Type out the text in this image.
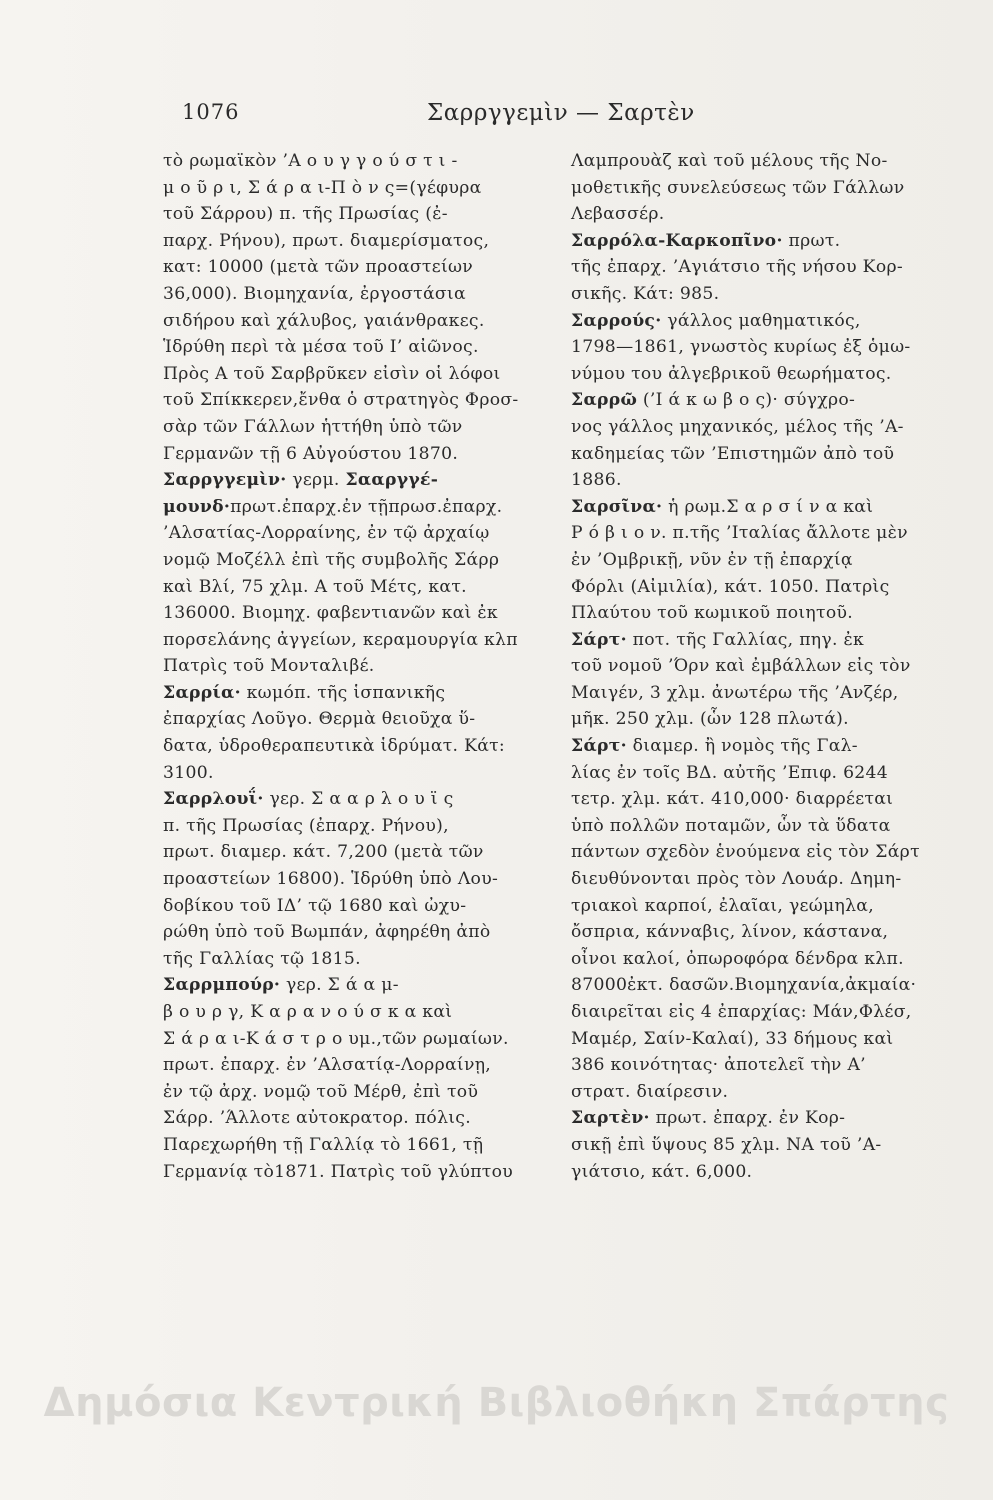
1076	Σαρργγεμὶν — Σαρτὲν
τὸ ρωμαϊκὸν ’Α ο υ γ γ ο ύ σ τ ι -
μ ο ῦ ρ ι, Σ ά ρ α ι-Π ὸ ν ς=(γέφυρα
τοῦ Σάρρου) π. τῆς Πρωσίας (ἐ-
παρχ. Ρήνου), πρωτ. διαμερίσματος,
κατ: 10000 (μετὰ τῶν προαστείων
36,000). Βιομηχανία, ἐργοστάσια
σιδήρου καὶ χάλυβος, γαιάνθρακες.
Ἱδρύθη περὶ τὰ μέσα τοῦ Ι’ αἰῶνος.
Πρὸς Α τοῦ Σαρβρῦκεν εἰσὶν οἱ λόφοι
τοῦ Σπίκκερεν,ἔνθα ὁ στρατηγὸς Φροσ-
σὰρ τῶν Γάλλων ἡττήθη ὑπὸ τῶν
Γερμανῶν τῇ 6 Αὐγούστου 1870.
Σαρργγεμὶν· γερμ. Σααργγέ-
μουνδ·πρωτ.ἐπαρχ.ἐν τῇπρωσ.ἐπαρχ.
’Αλσατίας-Λορραίνης, ἐν τῷ ἀρχαίῳ
νομῷ Μοζέλλ ἐπὶ τῆς συμβολῆς Σάρρ
καὶ Βλί, 75 χλμ. Α τοῦ Μέτς, κατ.
136000. Βιομηχ. φαβεντιανῶν καὶ ἐκ
πορσελάνης ἀγγείων, κεραμουργία κλπ
Πατρὶς τοῦ Μονταλιβέ.
Σαρρία· κωμόπ. τῆς ἱσπανικῆς
ἐπαρχίας Λοῦγο. Θερμὰ θειοῦχα ὕ-
δατα, ὑδροθεραπευτικὰ ἱδρύματ. Κάτ:
3100.
Σαρρλουΐ· γερ. Σ α α ρ λ ο υ ϊ ς
π. τῆς Πρωσίας (ἐπαρχ. Ρήνου),
πρωτ. διαμερ. κάτ. 7,200 (μετὰ τῶν
προαστείων 16800). Ἱδρύθη ὑπὸ Λου-
δοβίκου τοῦ ΙΔ’ τῷ 1680 καὶ ὠχυ-
ρώθη ὑπὸ τοῦ Βωμπάν, ἀφηρέθη ἀπὸ
τῆς Γαλλίας τῷ 1815.
Σαρρμπούρ· γερ. Σ ά α μ-
β ο υ ρ γ, Κ α ρ α ν ο ύ σ κ α καὶ
Σ ά ρ α ι-Κ ά σ τ ρ ο υμ.,τῶν ρωμαίων.
πρωτ. ἐπαρχ. ἐν ’Αλσατίᾳ-Λορραίνῃ,
ἐν τῷ ἀρχ. νομῷ τοῦ Μέρθ, ἐπὶ τοῦ
Σάρρ. ’Άλλοτε αὐτοκρατορ. πόλις.
Παρεχωρήθη τῇ Γαλλίᾳ τὸ 1661, τῇ
Γερμανίᾳ τὸ1871. Πατρὶς τοῦ γλύπτου
Λαμπρουὰζ καὶ τοῦ μέλους τῆς Νο-
μοθετικῆς συνελεύσεως τῶν Γάλλων
Λεβασσέρ.
Σαρρόλα-Καρκοπῖνο· πρωτ.
τῆς ἐπαρχ. ’Αγιάτσιο τῆς νήσου Κορ-
σικῆς. Κάτ: 985.
Σαρρούς· γάλλος μαθηματικός,
1798—1861, γνωστὸς κυρίως ἐξ ὁμω-
νύμου του ἀλγεβρικοῦ θεωρήματος.
Σαρρῶ (’Ι ά κ ω β ο ς)· σύγχρο-
νος γάλλος μηχανικός, μέλος τῆς ’Α-
καδημείας τῶν ’Επιστημῶν ἀπὸ τοῦ
1886.
Σαρσῖνα· ἡ ρωμ.Σ α ρ σ ί ν α καὶ
Ρ ό β ι ο ν. π.τῆς ’Ιταλίας ἄλλοτε μὲν
ἐν ’Ομβρικῇ, νῦν ἐν τῇ ἐπαρχίᾳ
Φόρλι (Αἰμιλία), κάτ. 1050. Πατρὶς
Πλαύτου τοῦ κωμικοῦ ποιητοῦ.
Σάρτ· ποτ. τῆς Γαλλίας, πηγ. ἐκ
τοῦ νομοῦ ’Όρν καὶ ἐμβάλλων εἰς τὸν
Μαιγέν, 3 χλμ. ἀνωτέρω τῆς ’Ανζέρ,
μῆκ. 250 χλμ. (ὧν 128 πλωτά).
Σάρτ· διαμερ. ἢ νομὸς τῆς Γαλ-
λίας ἐν τοῖς ΒΔ. αὐτῆς ’Επιφ. 6244
τετρ. χλμ. κάτ. 410,000· διαρρέεται
ὑπὸ πολλῶν ποταμῶν, ὧν τὰ ὕδατα
πάντων σχεδὸν ἑνούμενα εἰς τὸν Σάρτ
διευθύνονται πρὸς τὸν Λουάρ. Δημη-
τριακοὶ καρποί, ἐλαῖαι, γεώμηλα,
ὄσπρια, κάνναβις, λίνον, κάστανα,
οἶνοι καλοί, ὀπωροφόρα δένδρα κλπ.
87000ἐκτ. δασῶν.Βιομηχανία,ἀκμαία·
διαιρεῖται εἰς 4 ἐπαρχίας: Μάν,Φλέσ,
Μαμέρ, Σαίν-Καλαί), 33 δήμους καὶ
386 κοινότητας· ἀποτελεῖ τὴν Α’
στρατ. διαίρεσιν.
Σαρτὲν· πρωτ. ἐπαρχ. ἐν Κορ-
σικῇ ἐπὶ ὕψους 85 χλμ. ΝΑ τοῦ ’Α-
γιάτσιο, κάτ. 6,000.
Δημόσια Κεντρική Βιβλιοθήκη Σπάρτης
